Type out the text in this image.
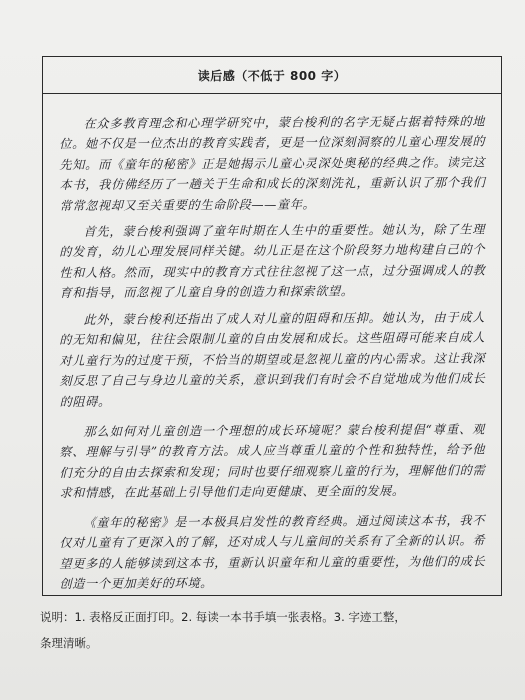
读后感（不低于 800 字）

在众多教育理念和心理学研究中，蒙台梭利的名字无疑占据着特殊的地位。她不仅是一位杰出的教育实践者，更是一位深刻洞察的儿童心理发展的先知。而《童年的秘密》正是她揭示儿童心灵深处奥秘的经典之作。读完这本书，我仿佛经历了一趟关于生命和成长的深刻洗礼，重新认识了那个我们常常忽视却又至关重要的生命阶段——童年。

首先，蒙台梭利强调了童年时期在人生中的重要性。她认为，除了生理的发育，幼儿心理发展同样关键。幼儿正是在这个阶段努力地构建自己的个性和人格。然而，现实中的教育方式往往忽视了这一点，过分强调成人的教育和指导，而忽视了儿童自身的创造力和探索欲望。

此外，蒙台梭利还指出了成人对儿童的阻碍和压抑。她认为，由于成人的无知和偏见，往往会限制儿童的自由发展和成长。这些阻碍可能来自成人对儿童行为的过度干预，不恰当的期望或是忽视儿童的内心需求。这让我深刻反思了自己与身边儿童的关系，意识到我们有时会不自觉地成为他们成长的阻碍。

那么如何对儿童创造一个理想的成长环境呢？蒙台梭利提倡“尊重、观察、理解与引导”的教育方法。成人应当尊重儿童的个性和独特性，给予他们充分的自由去探索和发现；同时也要仔细观察儿童的行为，理解他们的需求和情感，在此基础上引导他们走向更健康、更全面的发展。

《童年的秘密》是一本极具启发性的教育经典。通过阅读这本书，我不仅对儿童有了更深入的了解，还对成人与儿童间的关系有了全新的认识。希望更多的人能够读到这本书，重新认识童年和儿童的重要性，为他们的成长创造一个更加美好的环境。

说明：1. 表格反正面打印。2. 每读一本书手填一张表格。3. 字迹工整，
条理清晰。
